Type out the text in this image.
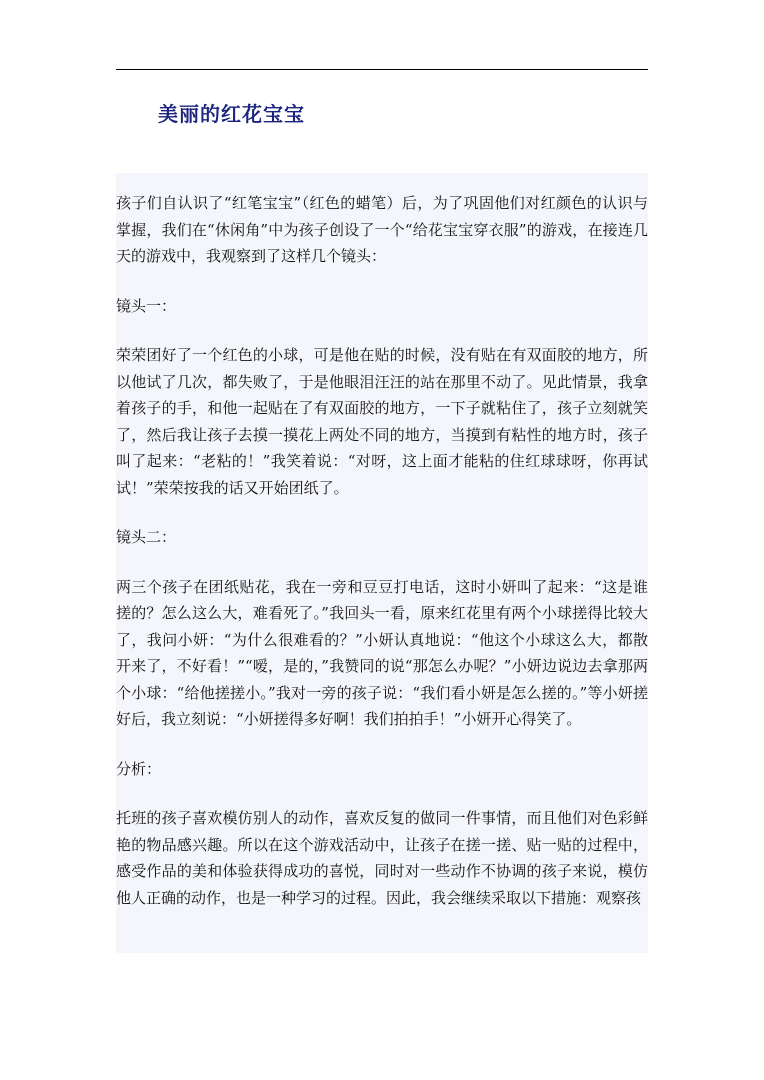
美丽的红花宝宝

孩子们自认识了“红笔宝宝”（红色的蜡笔）后，为了巩固他们对红颜色的认识与掌握，我们在“休闲角”中为孩子创设了一个“给花宝宝穿衣服”的游戏，在接连几天的游戏中，我观察到了这样几个镜头：

镜头一：

荣荣团好了一个红色的小球，可是他在贴的时候，没有贴在有双面胶的地方，所以他试了几次，都失败了，于是他眼泪汪汪的站在那里不动了。见此情景，我拿着孩子的手，和他一起贴在了有双面胶的地方，一下子就粘住了，孩子立刻就笑了，然后我让孩子去摸一摸花上两处不同的地方，当摸到有粘性的地方时，孩子叫了起来：“老粘的！”我笑着说：“对呀，这上面才能粘的住红球球呀，你再试试！”荣荣按我的话又开始团纸了。

镜头二：

两三个孩子在团纸贴花，我在一旁和豆豆打电话，这时小妍叫了起来：“这是谁搓的？怎么这么大，难看死了。”我回头一看，原来红花里有两个小球搓得比较大了，我问小妍：“为什么很难看的？”小妍认真地说：“他这个小球这么大，都散开来了，不好看！”“嗳，是的，”我赞同的说“那怎么办呢？”小妍边说边去拿那两个小球：“给他搓搓小。”我对一旁的孩子说：“我们看小妍是怎么搓的。”等小妍搓好后，我立刻说：“小妍搓得多好啊！我们拍拍手！”小妍开心得笑了。

分析：

托班的孩子喜欢模仿别人的动作，喜欢反复的做同一件事情，而且他们对色彩鲜艳的物品感兴趣。所以在这个游戏活动中，让孩子在搓一搓、贴一贴的过程中，感受作品的美和体验获得成功的喜悦，同时对一些动作不协调的孩子来说，模仿他人正确的动作，也是一种学习的过程。因此，我会继续采取以下措施：观察孩
